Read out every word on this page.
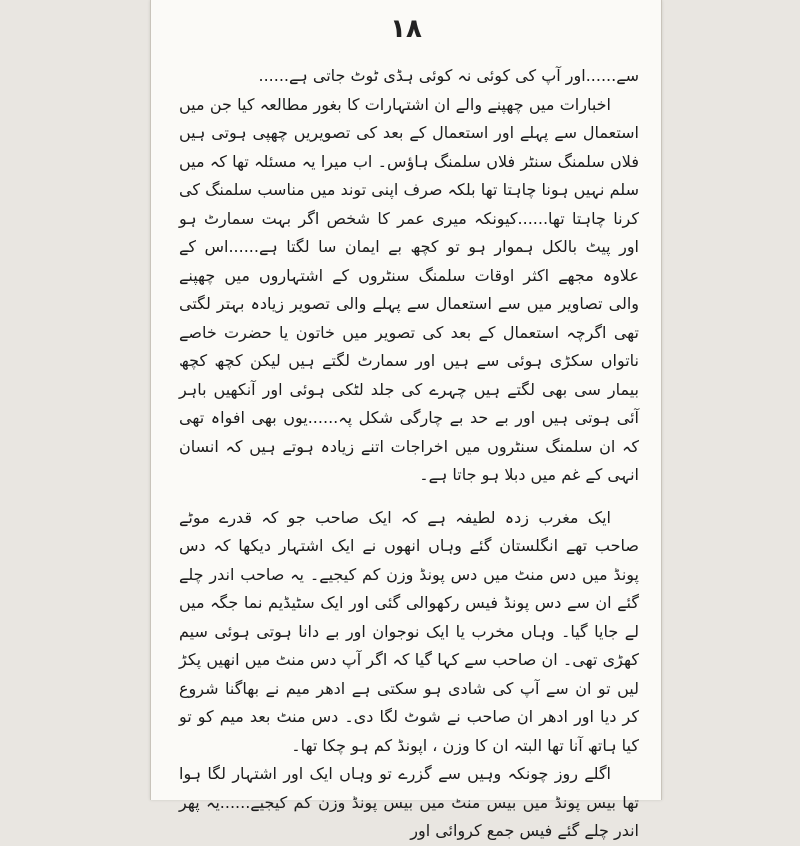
۱۸

سے......اور آپ کی کوئی نہ کوئی ہڈی ٹوٹ جاتی ہے......

اخبارات میں چھپنے والے ان اشتہارات کا بغور مطالعہ کیا جن میں استعمال سے پہلے اور استعمال کے بعد کی تصویریں چھپی ہوتی ہیں فلاں سلمنگ سنٹر فلاں سلمنگ ہاؤس۔ اب میرا یہ مسئلہ تھا کہ میں سلم نہیں ہونا چاہتا تھا بلکہ صرف اپنی توند میں مناسب سلمنگ کی کرنا چاہتا تھا......کیونکہ میری عمر کا شخص اگر بہت سمارٹ ہو اور پیٹ بالکل ہموار ہو تو کچھ بے ایمان سا لگتا ہے......اس کے علاوہ مجھے اکثر اوقات سلمنگ سنٹروں کے اشتہاروں میں چھپنے والی تصاویر میں سے استعمال سے پہلے والی تصویر زیادہ بہتر لگتی تھی اگرچہ استعمال کے بعد کی تصویر میں خاتون یا حضرت خاصے ناتواں سکڑی ہوئی سے ہیں اور سمارٹ لگتے ہیں لیکن کچھ کچھ بیمار سی بھی لگتے ہیں چہرے کی جلد لٹکی ہوئی اور آنکھیں باہر آئی ہوتی ہیں اور بے حد بے چارگی شکل پہ......یوں بھی افواہ تھی کہ ان سلمنگ سنٹروں میں اخراجات اتنے زیادہ ہوتے ہیں کہ انسان انہی کے غم میں دبلا ہو جاتا ہے۔

ایک مغرب زدہ لطیفہ ہے کہ ایک صاحب جو کہ قدرے موٹے صاحب تھے انگلستان گئے وہاں انھوں نے ایک اشتہار دیکھا کہ دس پونڈ میں دس منٹ میں دس پونڈ وزن کم کیجیے۔ یہ صاحب اندر چلے گئے ان سے دس پونڈ فیس رکھوالی گئی اور ایک سٹیڈیم نما جگہ میں لے جایا گیا۔ وہاں مخرب یا ایک نوجوان اور بے دانا ہوتی ہوئی سیم کھڑی تھی۔ ان صاحب سے کہا گیا کہ اگر آپ دس منٹ میں انھیں پکڑ لیں تو ان سے آپ کی شادی ہو سکتی ہے ادھر میم نے بھاگنا شروع کر دیا اور ادھر ان صاحب نے شوٹ لگا دی۔ دس منٹ بعد میم کو تو کیا ہاتھ آنا تھا البتہ ان کا وزن ، اپونڈ کم ہو چکا تھا۔

اگلے روز چونکہ وہیں سے گزرے تو وہاں ایک اور اشتہار لگا ہوا تھا بیس پونڈ میں بیس منٹ میں بیس پونڈ وزن کم کیجیے......یہ پھر اندر چلے گئے فیس جمع کروائی اور
